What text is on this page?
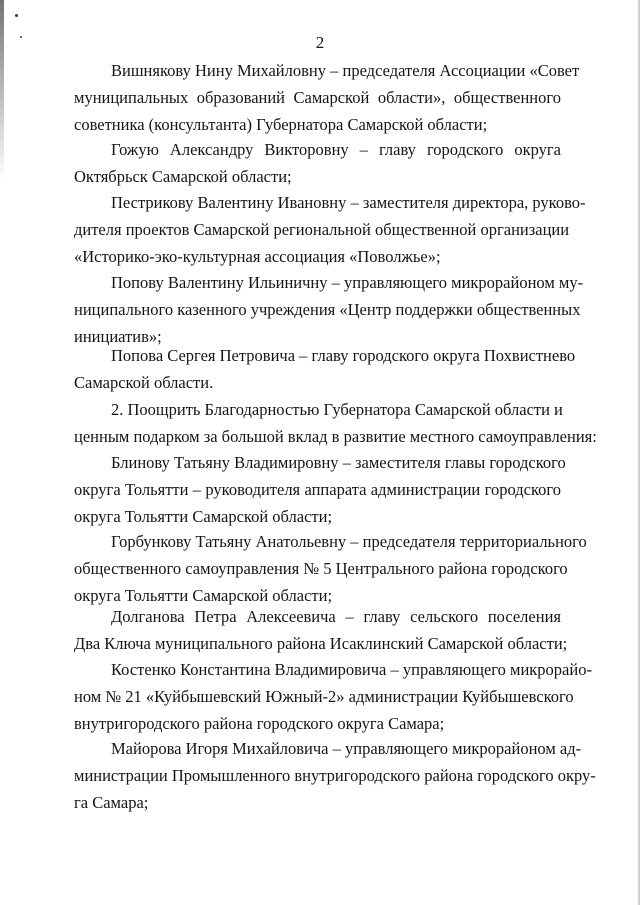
2
Вишнякову Нину Михайловну – председателя Ассоциации «Совет
муниципальных образований Самарской области», общественного
советника (консультанта) Губернатора Самарской области;
Гожую Александру Викторовну – главу городского округа
Октябрьск Самарской области;
Пестрикову Валентину Ивановну – заместителя директора, руково-
дителя проектов Самарской региональной общественной организации
«Историко-эко-культурная ассоциация «Поволжье»;
Попову Валентину Ильиничну – управляющего микрорайоном му-
ниципального казенного учреждения «Центр поддержки общественных
инициатив»;
Попова Сергея Петровича – главу городского округа Похвистнево
Самарской области.
2. Поощрить Благодарностью Губернатора Самарской области и
ценным подарком за большой вклад в развитие местного самоуправления:
Блинову Татьяну Владимировну – заместителя главы городского
округа Тольятти – руководителя аппарата администрации городского
округа Тольятти Самарской области;
Горбункову Татьяну Анатольевну – председателя территориального
общественного самоуправления № 5 Центрального района городского
округа Тольятти Самарской области;
Долганова Петра Алексеевича – главу сельского поселения
Два Ключа муниципального района Исаклинский Самарской области;
Костенко Константина Владимировича – управляющего микрорайо-
ном № 21 «Куйбышевский Южный-2» администрации Куйбышевского
внутригородского района городского округа Самара;
Майорова Игоря Михайловича – управляющего микрорайоном ад-
министрации Промышленного внутригородского района городского окру-
га Самара;
